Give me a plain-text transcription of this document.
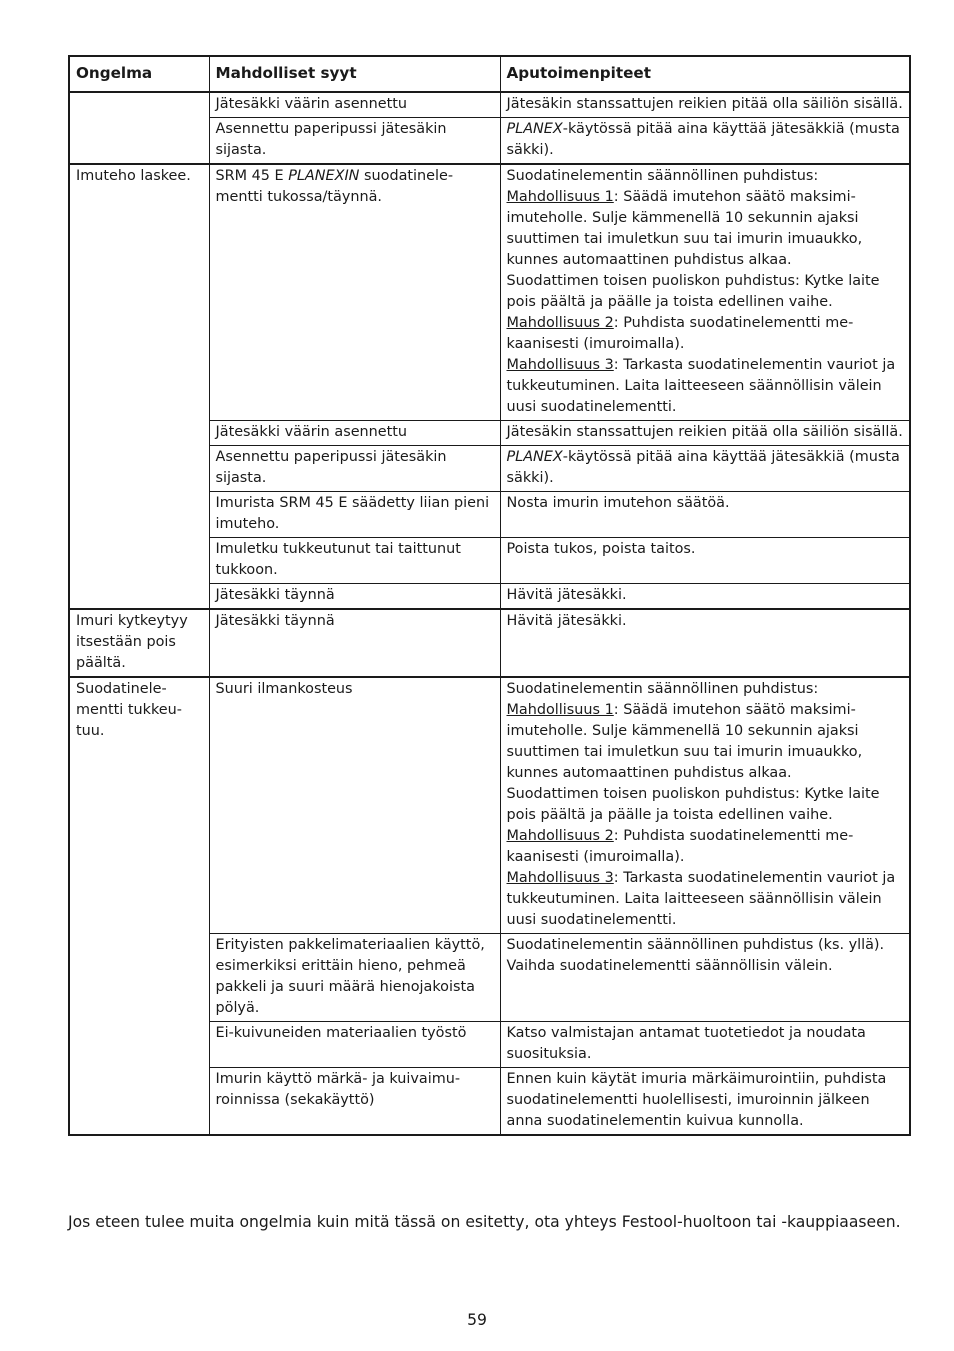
Ongelma	Mahdolliset syyt	Aputoimenpiteet
	Jätesäkki väärin asennettu	Jätesäkin stanssattujen reikien pitää olla säiliön sisällä.
	Asennettu paperipussi jätesäkin sijasta.	PLANEX-käytössä pitää aina käyttää jätesäkkiä (musta säkki).
Imuteho laskee.	SRM 45 E PLANEXIN suodatinelementti tukossa/täynnä.	Suodatinelementin säännöllinen puhdistus:
Mahdollisuus 1: Säädä imutehon säätö maksimiimuteholle. Sulje kämmenellä 10 sekunnin ajaksi suuttimen tai imuletkun suu tai imurin imuaukko, kunnes automaattinen puhdistus alkaa.
Suodattimen toisen puoliskon puhdistus: Kytke laite pois päältä ja päälle ja toista edellinen vaihe.
Mahdollisuus 2: Puhdista suodatinelementti mekaanisesti (imuroimalla).
Mahdollisuus 3: Tarkasta suodatinelementin vauriot ja tukkeutuminen. Laita laitteeseen säännöllisin välein uusi suodatinelementti.

	Jätesäkki väärin asennettu	Jätesäkin stanssattujen reikien pitää olla säiliön sisällä.
	Asennettu paperipussi jätesäkin sijasta.	PLANEX-käytössä pitää aina käyttää jätesäkkiä (musta säkki).
	Imurista SRM 45 E säädetty liian pieni imuteho.	Nosta imurin imutehon säätöä.
	Imuletku tukkeutunut tai taittunut tukkoon.	Poista tukos, poista taitos.
	Jätesäkki täynnä	Hävitä jätesäkki.
Imuri kytkeytyy itsestään pois päältä.	Jätesäkki täynnä	Hävitä jätesäkki.
Suodatinelementti tukkeutuu.	Suuri ilmankosteus	Suodatinelementin säännöllinen puhdistus:
Mahdollisuus 1: Säädä imutehon säätö maksimiimuteholle. Sulje kämmenellä 10 sekunnin ajaksi suuttimen tai imuletkun suu tai imurin imuaukko, kunnes automaattinen puhdistus alkaa.
Suodattimen toisen puoliskon puhdistus: Kytke laite pois päältä ja päälle ja toista edellinen vaihe.
Mahdollisuus 2: Puhdista suodatinelementti mekaanisesti (imuroimalla).
Mahdollisuus 3: Tarkasta suodatinelementin vauriot ja tukkeutuminen. Laita laitteeseen säännöllisin välein uusi suodatinelementti.

	Erityisten pakkelimateriaalien käyttö, esimerkiksi erittäin hieno, pehmeä pakkeli ja suuri määrä hienojakoista pölyä.	Suodatinelementin säännöllinen puhdistus (ks. yllä).
Vaihda suodatinelementti säännöllisin välein.

	Ei-kuivuneiden materiaalien työstö	Katso valmistajan antamat tuotetiedot ja noudata suosituksia.
	Imurin käyttö märkä- ja kuivaimuroinnissa (sekakäyttö)	Ennen kuin käytät imuria märkäimurointiin, puhdista suodatinelementti huolellisesti, imuroinnin jälkeen anna suodatinelementin kuivua kunnolla.
Jos eteen tulee muita ongelmia kuin mitä tässä on esitetty, ota yhteys Festool-huoltoon tai -kauppiaaseen.
59
